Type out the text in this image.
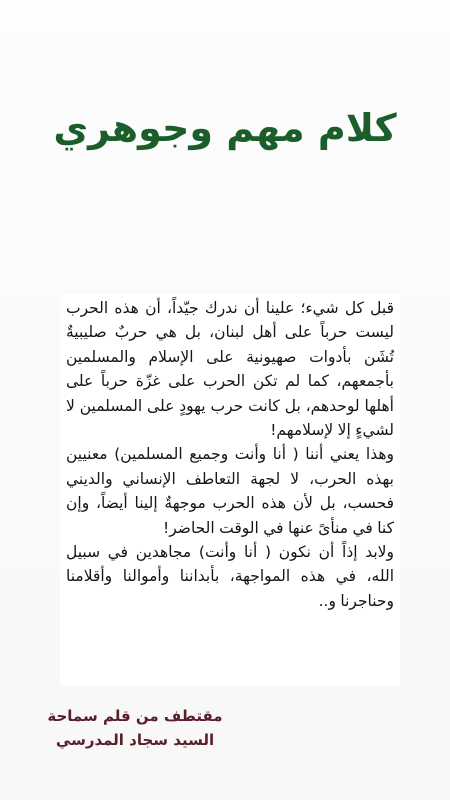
كلام مهم وجوهري

قبل كل شيء؛ علينا أن ندرك جيّداً، أن هذه الحرب ليست حرباً على أهل لبنان، بل هي حربٌ صليبيةٌ تُشَن بأدوات صهيونية على الإسلام والمسلمين بأجمعهم، كما لم تكن الحرب على غزّة حرباً على أهلها لوحدهم، بل كانت حرب يهودٍ على المسلمين لا لشيءٍ إلا لإسلامهم!

وهذا يعني أننا ( أنا وأنت وجميع المسلمين) معنيين بهذه الحرب، لا لجهة التعاطف الإنساني والديني فحسب، بل لأن هذه الحرب موجهةٌ إلينا أيضاً، وإن كنا في منأىً عنها في الوقت الحاضر!

ولابد إذاً أن نكون ( أنا وأنت) مجاهدين في سبيل الله، في هذه المواجهة، بأبداننا وأموالنا وأقلامنا وحناجرنا و..

مقتطف من قلم سماحة
السيد سجاد المدرسي
